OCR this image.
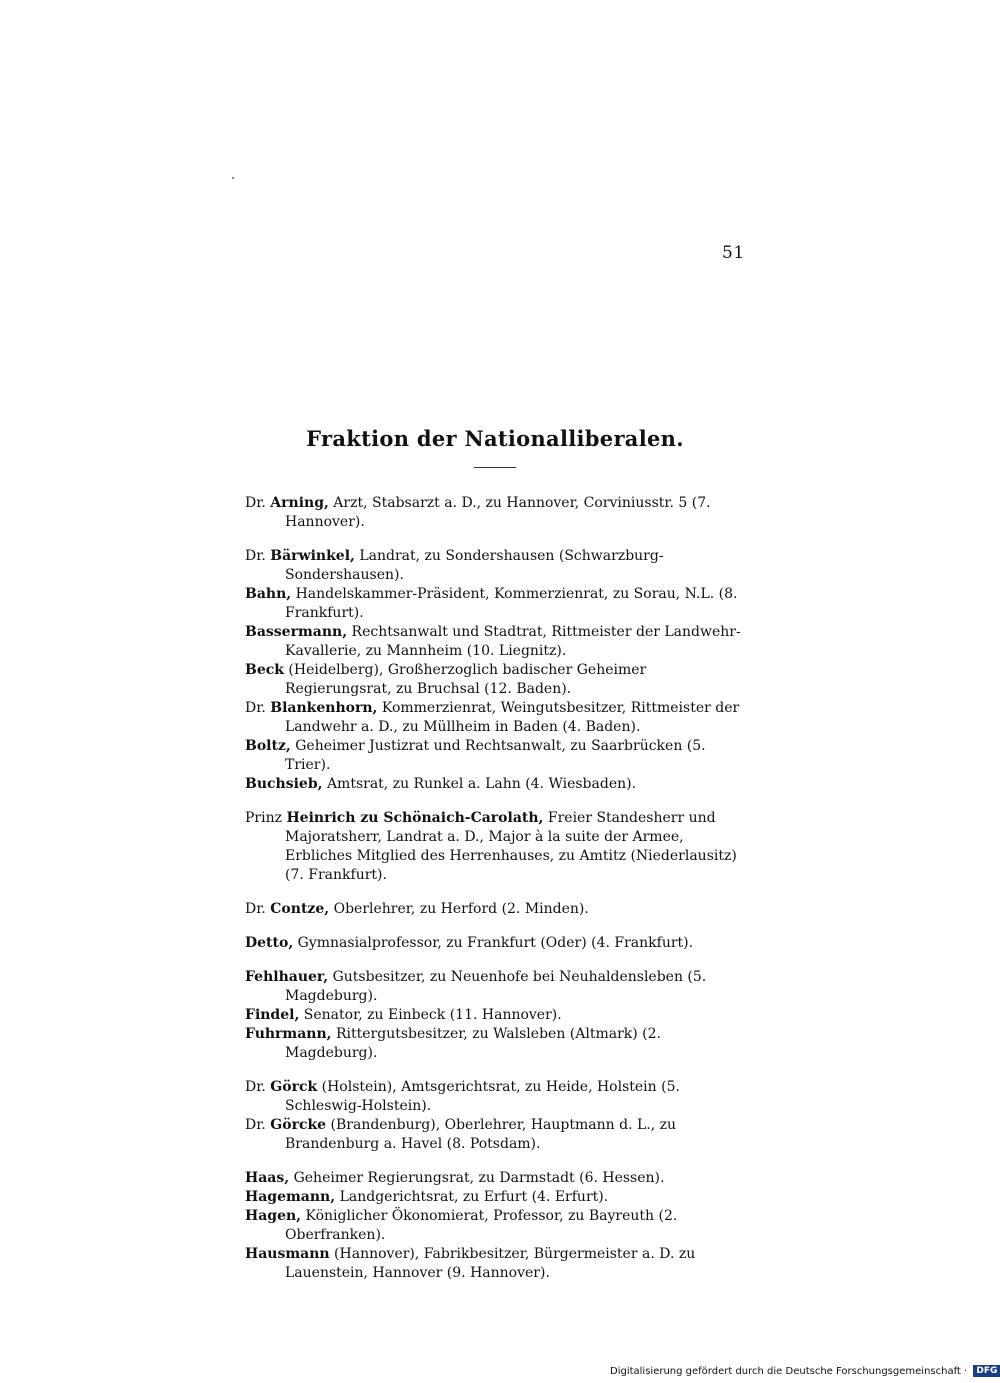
51
Fraktion der Nationalliberalen.
Dr. Arning, Arzt, Stabsarzt a. D., zu Hannover, Corviniusstr. 5 (7. Hannover).
Dr. Bärwinkel, Landrat, zu Sondershausen (Schwarzburg-Sondershausen).
Bahn, Handelskammer-Präsident, Kommerzienrat, zu Sorau, N.L. (8. Frankfurt).
Bassermann, Rechtsanwalt und Stadtrat, Rittmeister der Landwehr-Kavallerie, zu Mannheim (10. Liegnitz).
Beck (Heidelberg), Großherzoglich badischer Geheimer Regierungsrat, zu Bruchsal (12. Baden).
Dr. Blankenhorn, Kommerzienrat, Weingutsbesitzer, Rittmeister der Landwehr a. D., zu Müllheim in Baden (4. Baden).
Boltz, Geheimer Justizrat und Rechtsanwalt, zu Saarbrücken (5. Trier).
Buchsieb, Amtsrat, zu Runkel a. Lahn (4. Wiesbaden).
Prinz Heinrich zu Schönaich-Carolath, Freier Standesherr und Majoratsherr, Landrat a. D., Major à la suite der Armee, Erbliches Mitglied des Herrenhauses, zu Amtitz (Niederlausitz) (7. Frankfurt).
Dr. Contze, Oberlehrer, zu Herford (2. Minden).
Detto, Gymnasialprofessor, zu Frankfurt (Oder) (4. Frankfurt).
Fehlhauer, Gutsbesitzer, zu Neuenhofe bei Neuhaldensleben (5. Magdeburg).
Findel, Senator, zu Einbeck (11. Hannover).
Fuhrmann, Rittergutsbesitzer, zu Walsleben (Altmark) (2. Magdeburg).
Dr. Görck (Holstein), Amtsgerichtsrat, zu Heide, Holstein (5. Schleswig-Holstein).
Dr. Görcke (Brandenburg), Oberlehrer, Hauptmann d. L., zu Brandenburg a. Havel (8. Potsdam).
Haas, Geheimer Regierungsrat, zu Darmstadt (6. Hessen).
Hagemann, Landgerichtsrat, zu Erfurt (4. Erfurt).
Hagen, Königlicher Ökonomierat, Professor, zu Bayreuth (2. Oberfranken).
Hausmann (Hannover), Fabrikbesitzer, Bürgermeister a. D. zu Lauenstein, Hannover (9. Hannover).
Digitalisierung gefördert durch die Deutsche Forschungsgemeinschaft · DFG
